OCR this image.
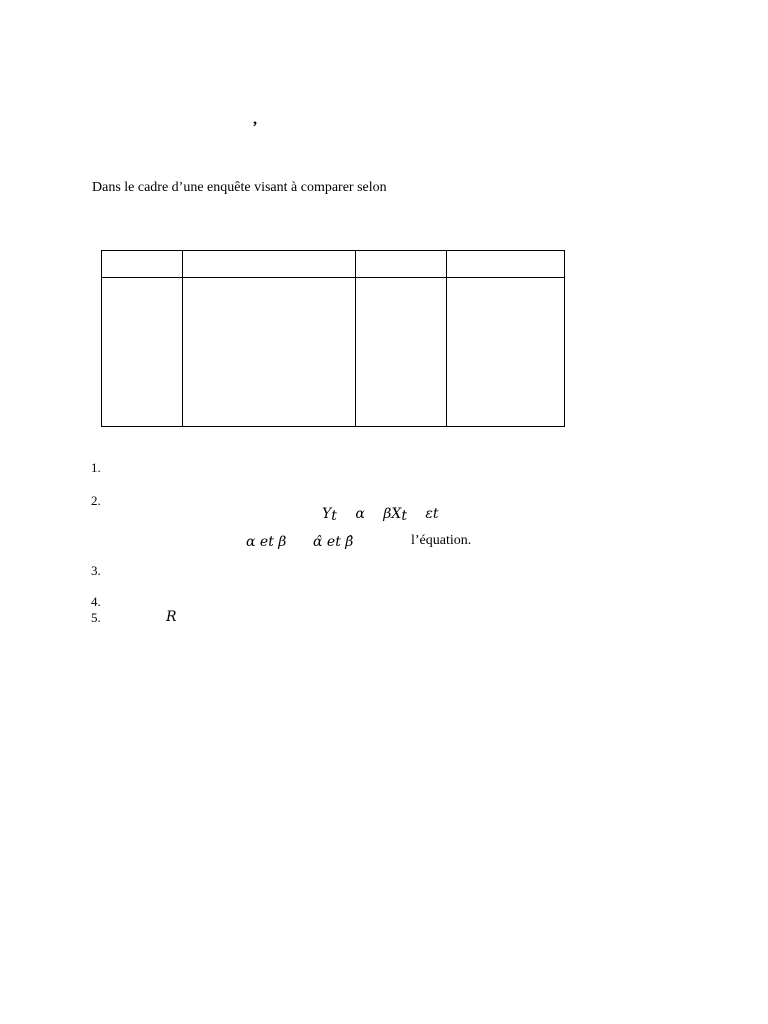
,
Dans le cadre d’une enquête visant à comparer selon

1.
2.
Yt α βXt εt
α et β α̂ et β̂	l’équation.
3.
4.
5.	R
